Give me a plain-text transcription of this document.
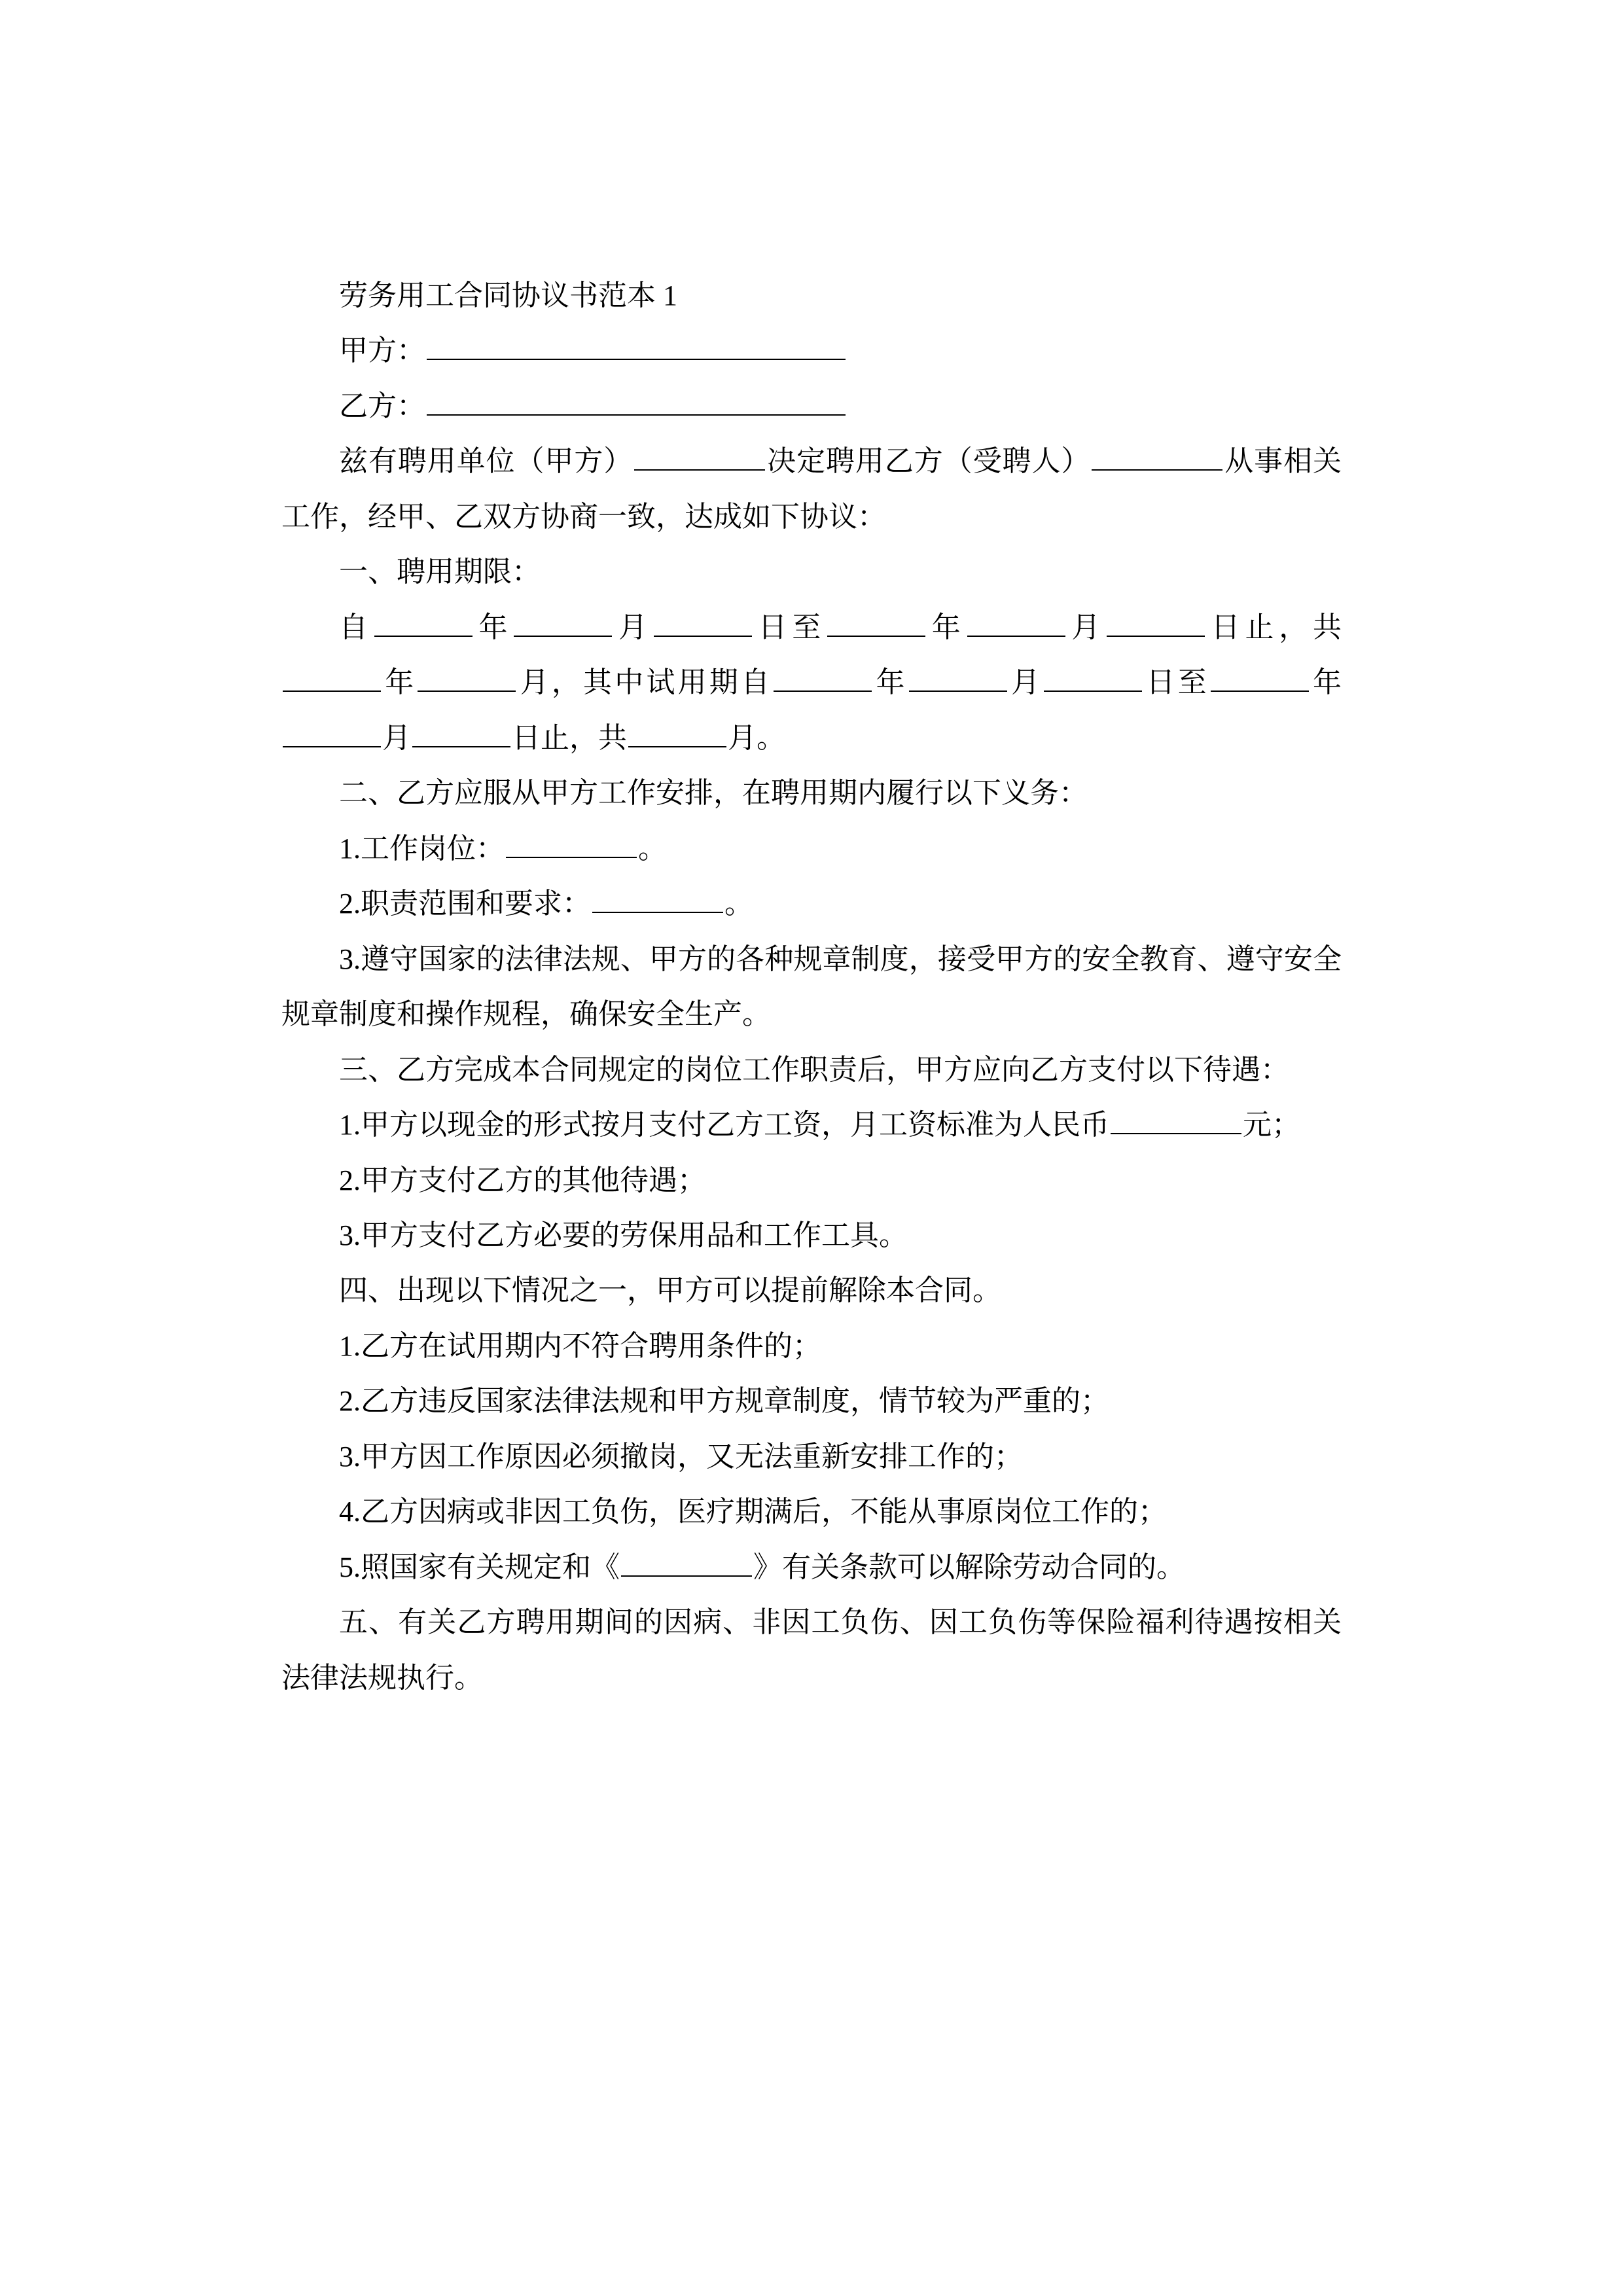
劳务用工合同协议书范本 1

甲方：

乙方：

兹有聘用单位（甲方）	决定聘用乙方（受聘人）	从事相关工作，经甲、乙双方协商一致，达成如下协议：

一、聘用期限：

自	年	月	日至	年	月	日止，共年	月，其中试用期自	年	月	日至	年月	日止，共	月。

二、乙方应服从甲方工作安排，在聘用期内履行以下义务：

1.工作岗位：	。

2.职责范围和要求：	。

3.遵守国家的法律法规、甲方的各种规章制度，接受甲方的安全教育、遵守安全规章制度和操作规程，确保安全生产。

三、乙方完成本合同规定的岗位工作职责后，甲方应向乙方支付以下待遇：

1.甲方以现金的形式按月支付乙方工资，月工资标准为人民币	元；

2.甲方支付乙方的其他待遇；

3.甲方支付乙方必要的劳保用品和工作工具。

四、出现以下情况之一，甲方可以提前解除本合同。

1.乙方在试用期内不符合聘用条件的；

2.乙方违反国家法律法规和甲方规章制度，情节较为严重的；

3.甲方因工作原因必须撤岗，又无法重新安排工作的；

4.乙方因病或非因工负伤，医疗期满后，不能从事原岗位工作的；

5.照国家有关规定和《	》有关条款可以解除劳动合同的。

五、有关乙方聘用期间的因病、非因工负伤、因工负伤等保险福利待遇按相关法律法规执行。
